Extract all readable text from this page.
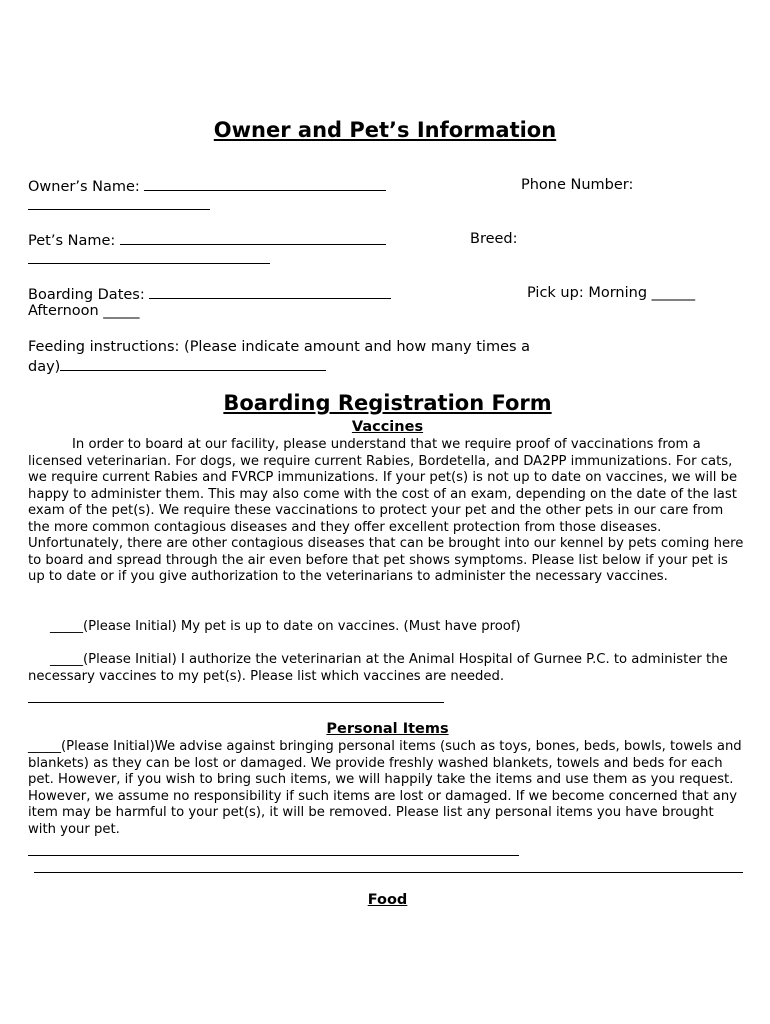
Owner and Pet’s Information
Owner’s Name:	Phone Number:
Pet’s Name:	Breed:
Boarding Dates:	Pick up: Morning ______
Afternoon _____
Feeding instructions: (Please indicate amount and how many times a
day)
Boarding Registration Form
Vaccines
In order to board at our facility, please understand that we require proof of vaccinations from a licensed veterinarian. For dogs, we require current Rabies, Bordetella, and DA2PP immunizations. For cats, we require current Rabies and FVRCP immunizations. If your pet(s) is not up to date on vaccines, we will be happy to administer them. This may also come with the cost of an exam, depending on the date of the last exam of the pet(s). We require these vaccinations to protect your pet and the other pets in our care from the more common contagious diseases and they offer excellent protection from those diseases. Unfortunately, there are other contagious diseases that can be brought into our kennel by pets coming here to board and spread through the air even before that pet shows symptoms. Please list below if your pet is up to date or if you give authorization to the veterinarians to administer the necessary vaccines.
_____(Please Initial) My pet is up to date on vaccines. (Must have proof)
_____(Please Initial) I authorize the veterinarian at the Animal Hospital of Gurnee P.C. to administer the necessary vaccines to my pet(s). Please list which vaccines are needed.
Personal Items
_____(Please Initial)We advise against bringing personal items (such as toys, bones, beds, bowls, towels and blankets) as they can be lost or damaged. We provide freshly washed blankets, towels and beds for each pet. However, if you wish to bring such items, we will happily take the items and use them as you request. However, we assume no responsibility if such items are lost or damaged. If we become concerned that any item may be harmful to your pet(s), it will be removed. Please list any personal items you have brought with your pet.
Food
